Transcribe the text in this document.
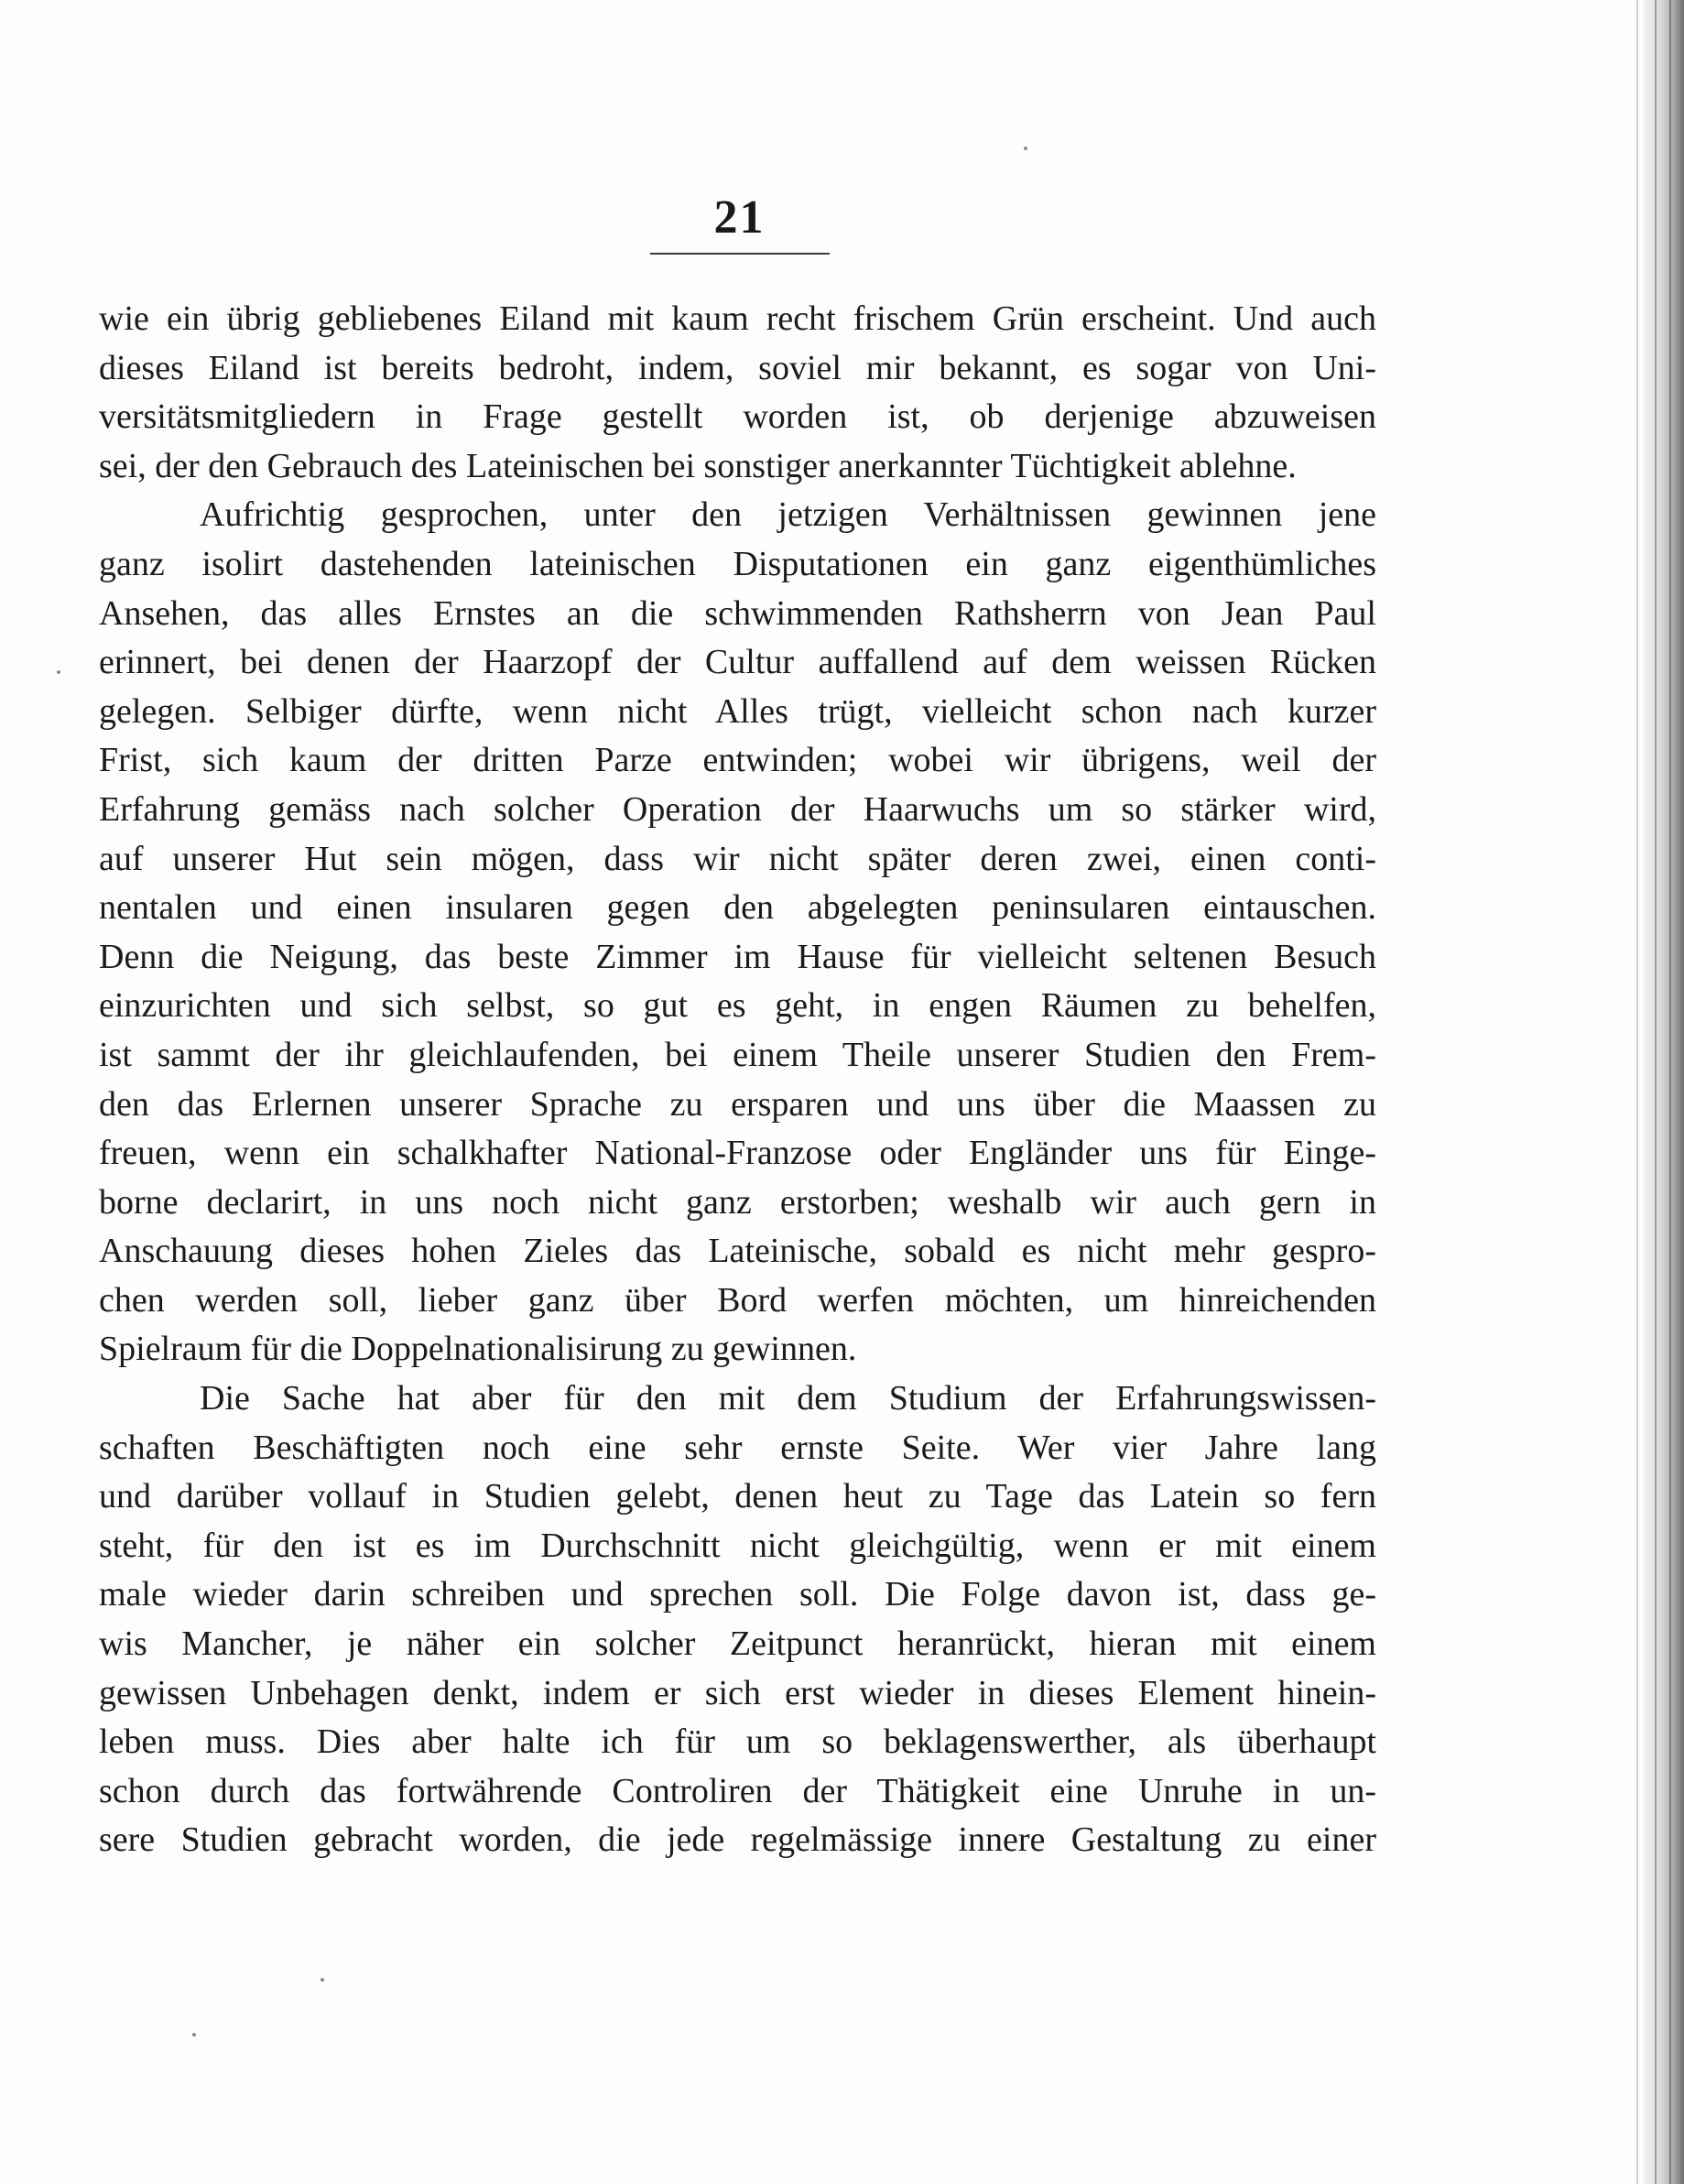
21
wie ein übrig gebliebenes Eiland mit kaum recht frischem Grün erscheint. Und auch
dieses Eiland ist bereits bedroht, indem, soviel mir bekannt, es sogar von Uni-
versitätsmitgliedern in Frage gestellt worden ist, ob derjenige abzuweisen
sei, der den Gebrauch des Lateinischen bei sonstiger anerkannter Tüchtigkeit ablehne.
Aufrichtig gesprochen, unter den jetzigen Verhältnissen gewinnen jene
ganz isolirt dastehenden lateinischen Disputationen ein ganz eigenthümliches
Ansehen, das alles Ernstes an die schwimmenden Rathsherrn von Jean Paul
erinnert, bei denen der Haarzopf der Cultur auffallend auf dem weissen Rücken
gelegen. Selbiger dürfte, wenn nicht Alles trügt, vielleicht schon nach kurzer
Frist, sich kaum der dritten Parze entwinden; wobei wir übrigens, weil der
Erfahrung gemäss nach solcher Operation der Haarwuchs um so stärker wird,
auf unserer Hut sein mögen, dass wir nicht später deren zwei, einen conti-
nentalen und einen insularen gegen den abgelegten peninsularen eintauschen.
Denn die Neigung, das beste Zimmer im Hause für vielleicht seltenen Besuch
einzurichten und sich selbst, so gut es geht, in engen Räumen zu behelfen,
ist sammt der ihr gleichlaufenden, bei einem Theile unserer Studien den Frem-
den das Erlernen unserer Sprache zu ersparen und uns über die Maassen zu
freuen, wenn ein schalkhafter National-Franzose oder Engländer uns für Einge-
borne declarirt, in uns noch nicht ganz erstorben; weshalb wir auch gern in
Anschauung dieses hohen Zieles das Lateinische, sobald es nicht mehr gespro-
chen werden soll, lieber ganz über Bord werfen möchten, um hinreichenden
Spielraum für die Doppelnationalisirung zu gewinnen.
Die Sache hat aber für den mit dem Studium der Erfahrungswissen-
schaften Beschäftigten noch eine sehr ernste Seite. Wer vier Jahre lang
und darüber vollauf in Studien gelebt, denen heut zu Tage das Latein so fern
steht, für den ist es im Durchschnitt nicht gleichgültig, wenn er mit einem
male wieder darin schreiben und sprechen soll. Die Folge davon ist, dass ge-
wis Mancher, je näher ein solcher Zeitpunct heranrückt, hieran mit einem
gewissen Unbehagen denkt, indem er sich erst wieder in dieses Element hinein-
leben muss. Dies aber halte ich für um so beklagenswerther, als überhaupt
schon durch das fortwährende Controliren der Thätigkeit eine Unruhe in un-
sere Studien gebracht worden, die jede regelmässige innere Gestaltung zu einer
